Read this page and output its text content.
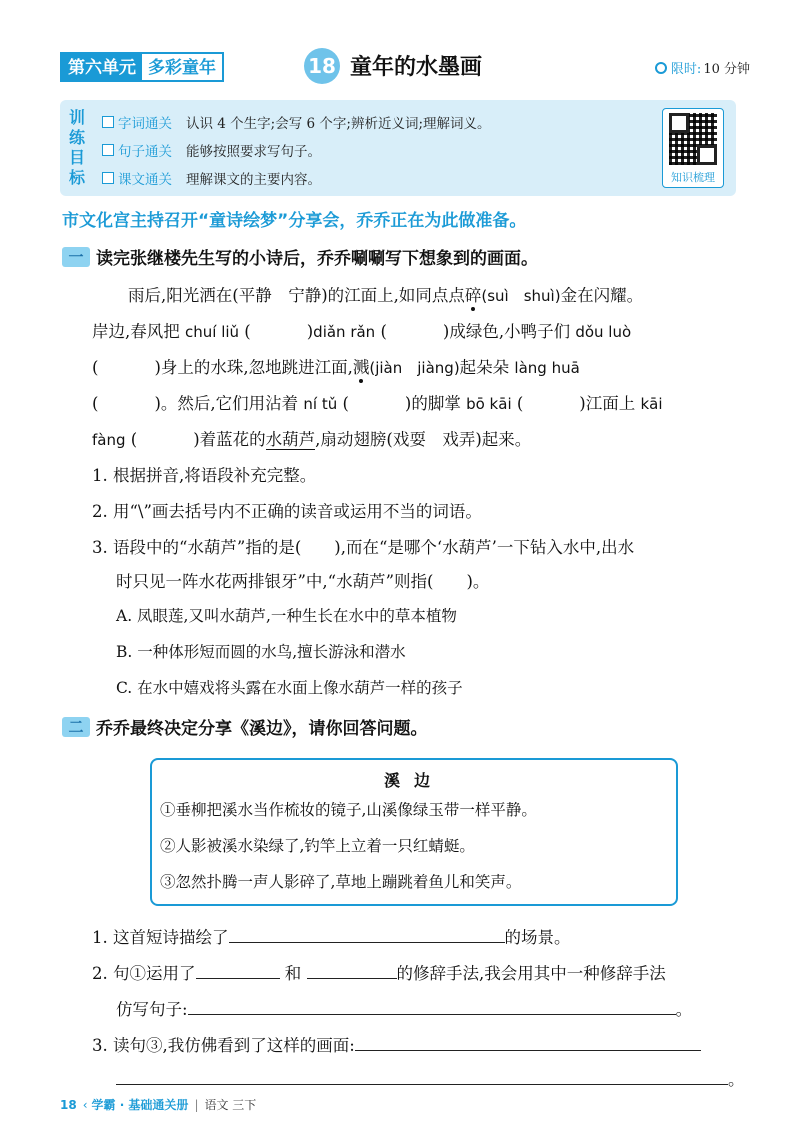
第六单元 多彩童年	18 童年的水墨画	限时: 10 分钟
训
练
目
标
字词通关 认识 4 个生字;会写 6 个字;辨析近义词;理解词义。
句子通关 能够按照要求写句子。
课文通关 理解课文的主要内容。	知识梳理
市文化宫主持召开“童诗绘梦”分享会，乔乔正在为此做准备。
一 读完张继楼先生写的小诗后，乔乔唰唰写下想象到的画面。
雨后,阳光洒在(平静　宁静)的江面上,如同点点碎(suì　shuì)金在闪耀。
岸边,春风把 chuí liǔ (	)diǎn rǎn (	)成绿色,小鸭子们 dǒu luò
(	)身上的水珠,忽地跳进江面,溅(jiàn　jiàng)起朵朵 làng huā
(	)。然后,它们用沾着 ní tǔ (	)的脚掌 bō kāi (	)江面上 kāi
fàng (	)着蓝花的水葫芦,扇动翅膀(戏耍　戏弄)起来。
1. 根据拼音,将语段补充完整。
2. 用“\”画去括号内不正确的读音或运用不当的词语。
3. 语段中的“水葫芦”指的是(　　),而在“是哪个‘水葫芦’一下钻入水中,出水
时只见一阵水花两排银牙”中,“水葫芦”则指(　　)。
A. 凤眼莲,又叫水葫芦,一种生长在水中的草本植物
B. 一种体形短而圆的水鸟,擅长游泳和潜水
C. 在水中嬉戏将头露在水面上像水葫芦一样的孩子
二 乔乔最终决定分享《溪边》，请你回答问题。
溪边
①垂柳把溪水当作梳妆的镜子,山溪像绿玉带一样平静。
②人影被溪水染绿了,钓竿上立着一只红蜻蜓。
③忽然扑腾一声人影碎了,草地上蹦跳着鱼儿和笑声。
1. 这首短诗描绘了	的场景。
2. 句①运用了	和	的修辞手法,我会用其中一种修辞手法
仿写句子:	。
3. 读句③,我仿佛看到了这样的画面:
。
18 ‹ 学霸 · 基础通关册 | 语文 三下
